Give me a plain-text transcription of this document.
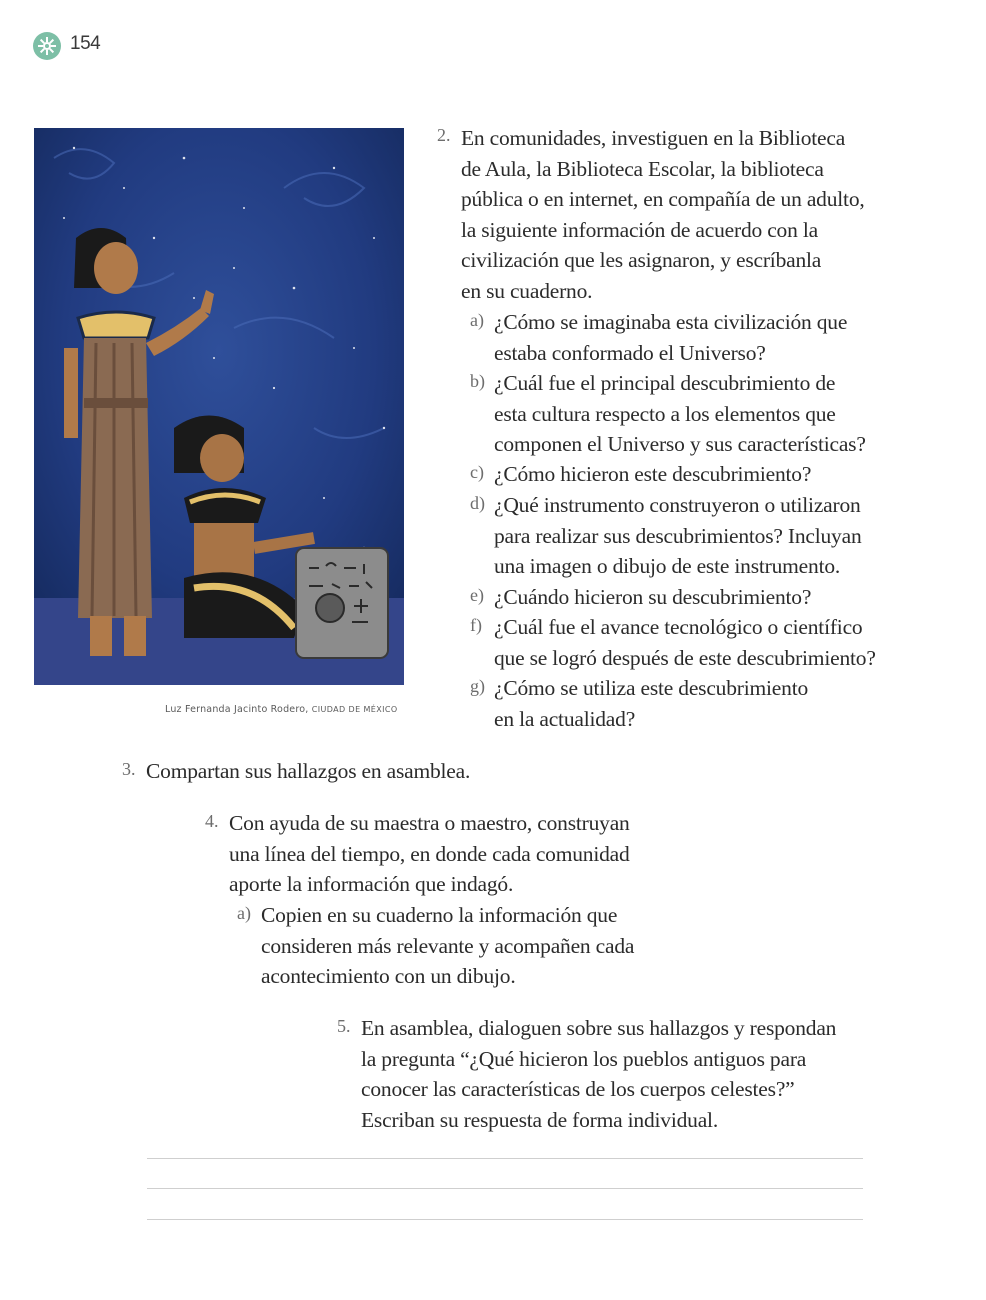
154
Luz Fernanda Jacinto Rodero, CIUDAD DE MÉXICO
2. En comunidades, investiguen en la Biblioteca
de Aula, la Biblioteca Escolar, la biblioteca
pública o en internet, en compañía de un adulto,
la siguiente información de acuerdo con la
civilización que les asignaron, y escríbanla
en su cuaderno.
a) ¿Cómo se imaginaba esta civilización que
estaba conformado el Universo?
b) ¿Cuál fue el principal descubrimiento de
esta cultura respecto a los elementos que
componen el Universo y sus características?
c) ¿Cómo hicieron este descubrimiento?
d) ¿Qué instrumento construyeron o utilizaron
para realizar sus descubrimientos? Incluyan
una imagen o dibujo de este instrumento.
e) ¿Cuándo hicieron su descubrimiento?
f) ¿Cuál fue el avance tecnológico o científico
que se logró después de este descubrimiento?
g) ¿Cómo se utiliza este descubrimiento
en la actualidad?
3. Compartan sus hallazgos en asamblea.
4. Con ayuda de su maestra o maestro, construyan
una línea del tiempo, en donde cada comunidad
aporte la información que indagó.
a) Copien en su cuaderno la información que
consideren más relevante y acompañen cada
acontecimiento con un dibujo.
5. En asamblea, dialoguen sobre sus hallazgos y respondan
la pregunta “¿Qué hicieron los pueblos antiguos para
conocer las características de los cuerpos celestes?”
Escriban su respuesta de forma individual.
